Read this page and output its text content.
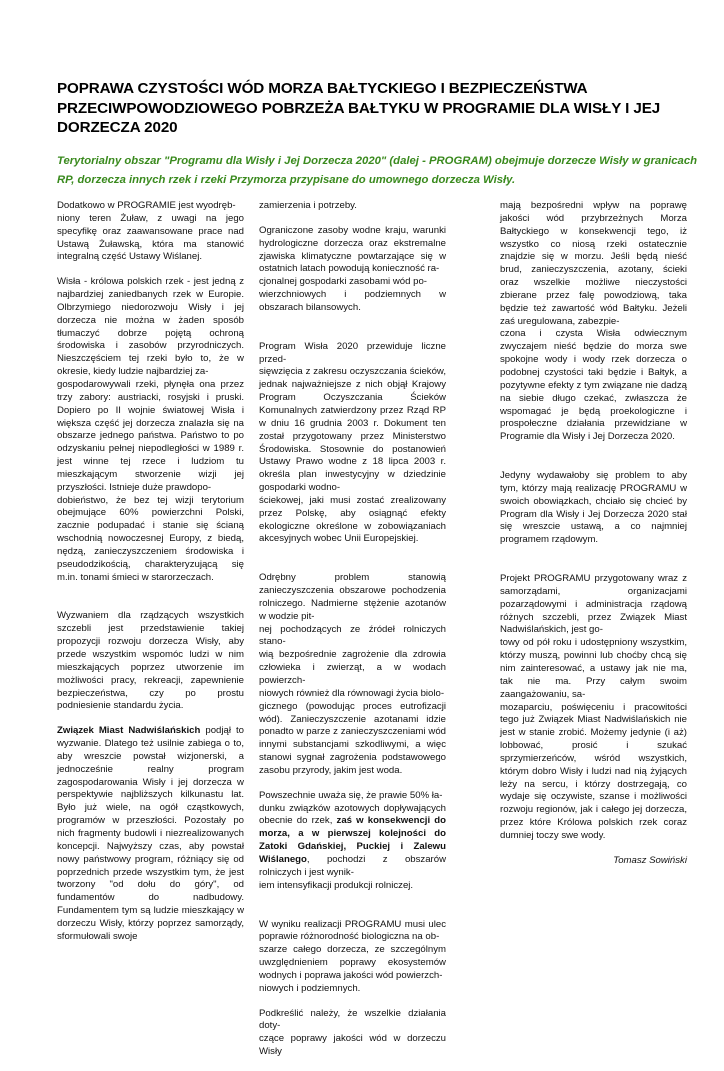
POPRAWA CZYSTOŚCI WÓD MORZA BAŁTYCKIEGO I BEZPIECZEŃSTWA PRZECIWPOWODZIOWEGO POBRZEŻA BAŁTYKU W PROGRAMIE DLA WISŁY I JEJ DORZECZA 2020

Terytorialny obszar "Programu dla Wisły i Jej Dorzecza 2020" (dalej - PROGRAM) obejmuje dorzecze Wisły w granicach RP, dorzecza innych rzek i rzeki Przymorza przypisane do umownego dorzecza Wisły.

Dodatkowo w PROGRAMIE jest wyodręb-
niony teren Żuław, z uwagi na jego specyfikę oraz zaawansowane prace nad Ustawą Żuławską, która ma stanowić integralną część Ustawy Wiślanej.

Wisła - królowa polskich rzek - jest jedną z najbardziej zaniedbanych rzek w Europie. Olbrzymiego niedorozwoju Wisły i jej dorzecza nie można w żaden sposób tłumaczyć dobrze pojętą ochroną środowiska i zasobów przyrodniczych. Nieszczęściem tej rzeki było to, że w okresie, kiedy ludzie najbardziej za-
gospodarowywali rzeki, płynęła ona przez trzy zabory: austriacki, rosyjski i pruski. Dopiero po II wojnie światowej Wisła i większa część jej dorzecza znalazła się na obszarze jednego państwa. Państwo to po odzyskaniu pełnej niepodległości w 1989 r. jest winne tej rzece i ludziom tu mieszkającym stworzenie wizji jej przyszłości. Istnieje duże prawdopo-
dobieństwo, że bez tej wizji terytorium obejmujące 60% powierzchni Polski, zacznie podupadać i stanie się ścianą wschodnią nowoczesnej Europy, z biedą, nędzą, zanieczyszczeniem środowiska i pseudodzikością, charakteryzującą się m.in. tonami śmieci w starorzeczach.

Wyzwaniem dla rządzących wszystkich szczebli jest przedstawienie takiej propozycji rozwoju dorzecza Wisły, aby przede wszystkim wspomóc ludzi w nim mieszkających poprzez utworzenie im możliwości pracy, rekreacji, zapewnienie bezpieczeństwa, czy po prostu podniesienie standardu życia.

Związek Miast Nadwiślańskich podjął to wyzwanie. Dlatego też usilnie zabiega o to, aby wreszcie powstał wizjonerski, a jednocześnie realny program zagospodarowania Wisły i jej dorzecza w perspektywie najbliższych kilkunastu lat. Było już wiele, na ogół cząstkowych, programów w przeszłości. Pozostały po nich fragmenty budowli i niezrealizowanych koncepcji. Najwyższy czas, aby powstał nowy państwowy program, różniący się od poprzednich przede wszystkim tym, że jest tworzony "od dołu do góry", od fundamentów do nadbudowy. Fundamentem tym są ludzie mieszkający w dorzeczu Wisły, którzy poprzez samorządy, sformułowali swoje

zamierzenia i potrzeby.

Ograniczone zasoby wodne kraju, warunki hydrologiczne dorzecza oraz ekstremalne zjawiska klimatyczne powtarzające się w ostatnich latach powodują konieczność ra-
cjonalnej gospodarki zasobami wód po-
wierzchniowych i podziemnych w obszarach bilansowych.

Program Wisła 2020 przewiduje liczne przed-
sięwzięcia z zakresu oczyszczania ścieków, jednak najważniejsze z nich objął Krajowy Program Oczyszczania Ścieków Komunalnych zatwierdzony przez Rząd RP w dniu 16 grudnia 2003 r. Dokument ten został przygotowany przez Ministerstwo Środowiska. Stosownie do postanowień Ustawy Prawo wodne z 18 lipca 2003 r. określa plan inwestycyjny w dziedzinie gospodarki wodno-
ściekowej, jaki musi zostać zrealizowany przez Polskę, aby osiągnąć efekty ekologiczne określone w zobowiązaniach akcesyjnych wobec Unii Europejskiej.

Odrębny problem stanowią zanieczyszczenia obszarowe pochodzenia rolniczego. Nadmierne stężenie azotanów w wodzie pit-
nej pochodzących ze źródeł rolniczych stano-
wią bezpośrednie zagrożenie dla zdrowia człowieka i zwierząt, a w wodach powierzch-
niowych również dla równowagi życia biolo-
gicznego (powodując proces eutrofizacji wód). Zanieczyszczenie azotanami idzie ponadto w parze z zanieczyszczeniami wód innymi substancjami szkodliwymi, a więc stanowi sygnał zagrożenia podstawowego zasobu przyrody, jakim jest woda.

Powszechnie uważa się, że prawie 50% ła-
dunku związków azotowych dopływających obecnie do rzek, zaś w konsekwencji do morza, a w pierwszej kolejności do Zatoki Gdańskiej, Puckiej i Zalewu Wiślanego, pochodzi z obszarów rolniczych i jest wynik-
iem intensyfikacji produkcji rolniczej.

W wyniku realizacji PROGRAMU musi ulec poprawie różnorodność biologiczna na ob-
szarze całego dorzecza, ze szczególnym uwzględnieniem poprawy ekosystemów wodnych i poprawa jakości wód powierzch-
niowych i podziemnych.

Podkreślić należy, że wszelkie działania doty-
czące poprawy jakości wód w dorzeczu Wisły

mają bezpośredni wpływ na poprawę jakości wód przybrzeżnych Morza Bałtyckiego w konsekwencji tego, iż wszystko co niosą rzeki ostatecznie znajdzie się w morzu. Jeśli będą nieść brud, zanieczyszczenia, azotany, ścieki oraz wszelkie możliwe nieczystości zbierane przez falę powodziową, taka będzie też zawartość wód Bałtyku. Jeżeli zaś uregulowana, zabezpie-
czona i czysta Wisła odwiecznym zwyczajem nieść będzie do morza swe spokojne wody i wody rzek dorzecza o podobnej czystości taki będzie i Bałtyk, a pozytywne efekty z tym związane nie dadzą na siebie długo czekać, zwłaszcza że wspomagać je będą proekologiczne i prospołeczne działania przewidziane w Programie dla Wisły i Jej Dorzecza 2020.

Jedyny wydawałoby się problem to aby tym, którzy mają realizację PROGRAMU w swoich obowiązkach, chciało się chcieć by Program dla Wisły i Jej Dorzecza 2020 stał się wreszcie ustawą, a co najmniej programem rządowym.

Projekt PROGRAMU przygotowany wraz z samorządami, organizacjami pozarządowymi i administracja rządową różnych szczebli, przez Związek Miast Nadwiślańskich, jest go-
towy od pół roku i udostępniony wszystkim, którzy muszą, powinni lub choćby chcą się nim zainteresować, a ustawy jak nie ma, tak nie ma. Przy całym swoim zaangażowaniu, sa-
mozaparciu, poświęceniu i pracowitości tego już Związek Miast Nadwiślańskich nie jest w stanie zrobić. Możemy jedynie (i aż) lobbować, prosić i szukać sprzymierzeńców, wśród wszystkich, którym dobro Wisły i ludzi nad nią żyjących leży na sercu, i którzy dostrzegają, co wydaje się oczywiste, szanse i możliwości rozwoju regionów, jak i całego jej dorzecza, przez które Królowa polskich rzek coraz dumniej toczy swe wody.

Tomasz Sowiński
